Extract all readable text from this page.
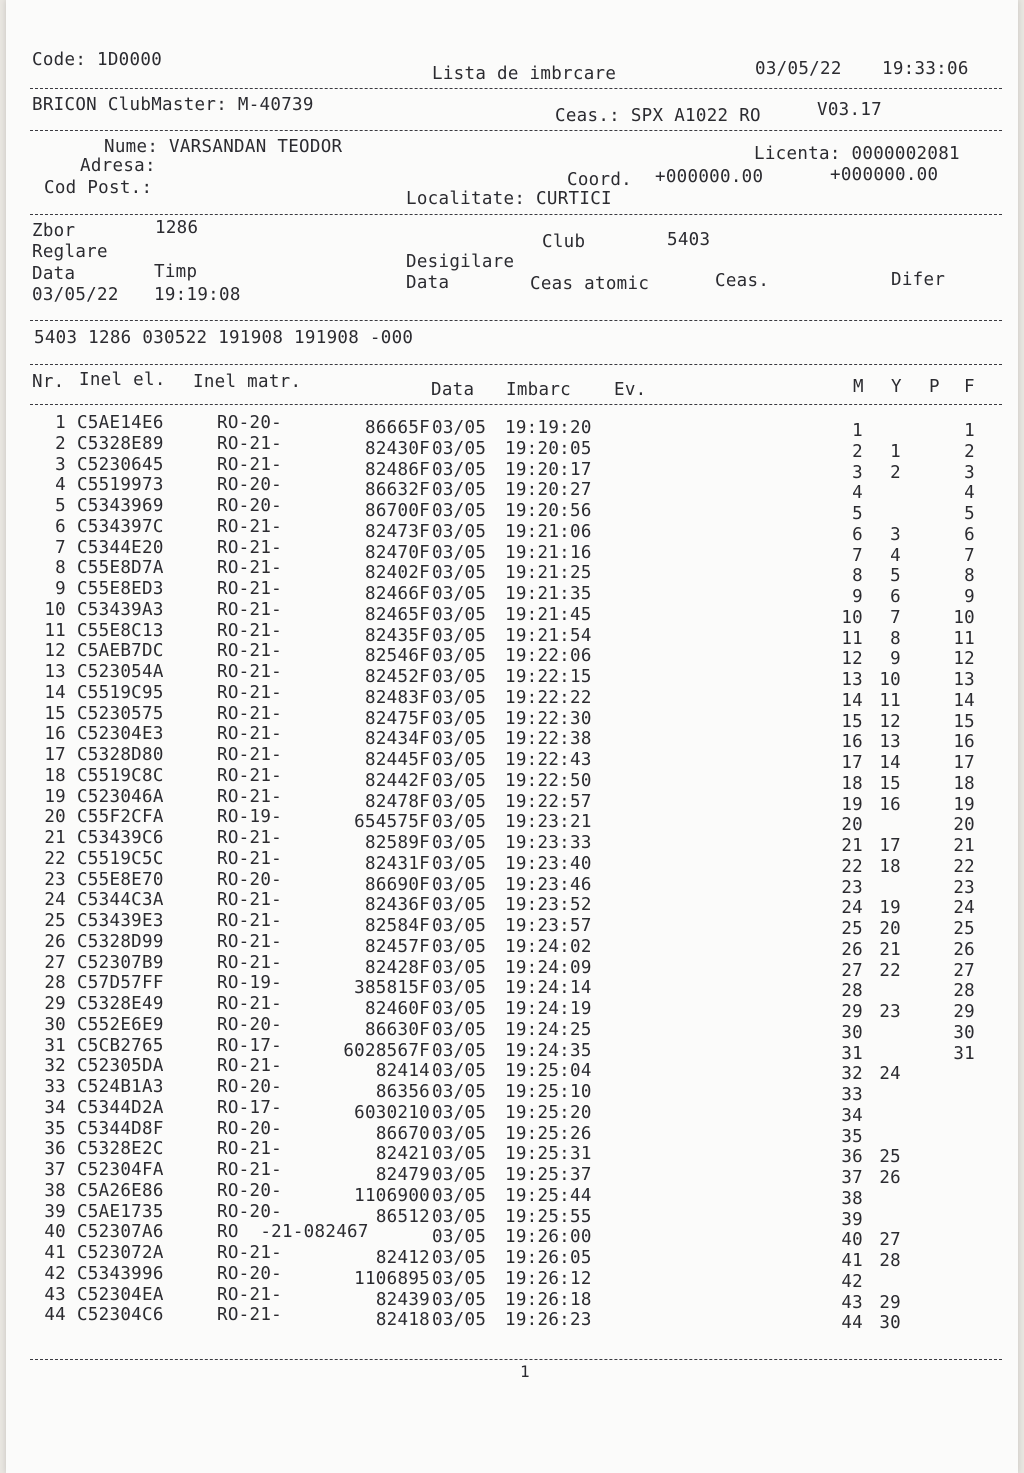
Code: 1D0000
Lista de imbrcare	03/05/22 19:33:06
BRICON ClubMaster: M-40739
Ceas.: SPX A1022 RO	V03.17
Nume: VARSANDAN TEODOR	Licenta: 0000002081
Adresa:
Cod Post.:	Coord. +000000.00	+000000.00
Localitate: CURTICI
Zbor	1286
Club	5403
Reglare	Desigilare
Data	Timp
Data	Ceas atomic	Ceas.	Difer
03/05/22 19:19:08
5403 1286 030522 191908 191908 -000
Nr. Inel el. Inel matr.	Data Imbarc Ev.	M Y P F
1 C5AE14E6	RO-20-	86665F 03/05 19:19:20	1	1
2 C5328E89	RO-21-	82430F 03/05 19:20:05	2 1	2
3 C5230645	RO-21-	82486F 03/05 19:20:17	3 2	3
4 C5519973	RO-20-	86632F 03/05 19:20:27	4	4
5 C5343969	RO-20-	86700F 03/05 19:20:56	5	5
6 C534397C	RO-21-	82473F 03/05 19:21:06	6 3	6
7 C5344E20	RO-21-	82470F 03/05 19:21:16	7 4	7
8 C55E8D7A	RO-21-	82402F 03/05 19:21:25	8 5	8
9 C55E8ED3	RO-21-	82466F 03/05 19:21:35	9 6	9
10 C53439A3	RO-21-	82465F 03/05 19:21:45	10 7	10
11 C55E8C13	RO-21-	82435F 03/05 19:21:54	11 8	11
12 C5AEB7DC	RO-21-	82546F 03/05 19:22:06	12 9	12
13 C523054A	RO-21-	82452F 03/05 19:22:15	13 10	13
14 C5519C95	RO-21-	82483F 03/05 19:22:22	14 11	14
15 C5230575	RO-21-	82475F 03/05 19:22:30	15 12	15
16 C52304E3	RO-21-	82434F 03/05 19:22:38	16 13	16
17 C5328D80	RO-21-	82445F 03/05 19:22:43	17 14	17
18 C5519C8C	RO-21-	82442F 03/05 19:22:50	18 15	18
19 C523046A	RO-21-	82478F 03/05 19:22:57	19 16	19
20 C55F2CFA	RO-19-	654575F 03/05 19:23:21	20	20
21 C53439C6	RO-21-	82589F 03/05 19:23:33	21 17	21
22 C5519C5C	RO-21-	82431F 03/05 19:23:40	22 18	22
23 C55E8E70	RO-20-	86690F 03/05 19:23:46	23	23
24 C5344C3A	RO-21-	82436F 03/05 19:23:52	24 19	24
25 C53439E3	RO-21-	82584F 03/05 19:23:57	25 20	25
26 C5328D99	RO-21-	82457F 03/05 19:24:02	26 21	26
27 C52307B9	RO-21-	82428F 03/05 19:24:09	27 22	27
28 C57D57FF	RO-19-	385815F 03/05 19:24:14	28	28
29 C5328E49	RO-21-	82460F 03/05 19:24:19	29 23	29
30 C552E6E9	RO-20-	86630F 03/05 19:24:25	30	30
31 C5CB2765	RO-17-	6028567F 03/05 19:24:35	31	31
32 C52305DA	RO-21-	82414 03/05 19:25:04	32 24
33 C524B1A3	RO-20-	86356 03/05 19:25:10	33
34 C5344D2A	RO-17-	6030210 03/05 19:25:20	34
35 C5344D8F	RO-20-	86670 03/05 19:25:26	35
36 C5328E2C	RO-21-	82421 03/05 19:25:31	36 25
37 C52304FA	RO-21-	82479 03/05 19:25:37	37 26
38 C5A26E86	RO-20-	1106900 03/05 19:25:44	38
39 C5AE1735	RO-20-	86512 03/05 19:25:55	39
40 C52307A6	RO  -21-082467	03/05 19:26:00	40 27
41 C523072A	RO-21-	82412 03/05 19:26:05	41 28
42 C5343996	RO-20-	1106895 03/05 19:26:12	42
43 C52304EA	RO-21-	82439 03/05 19:26:18	43 29
44 C52304C6	RO-21-	82418 03/05 19:26:23	44 30
1
